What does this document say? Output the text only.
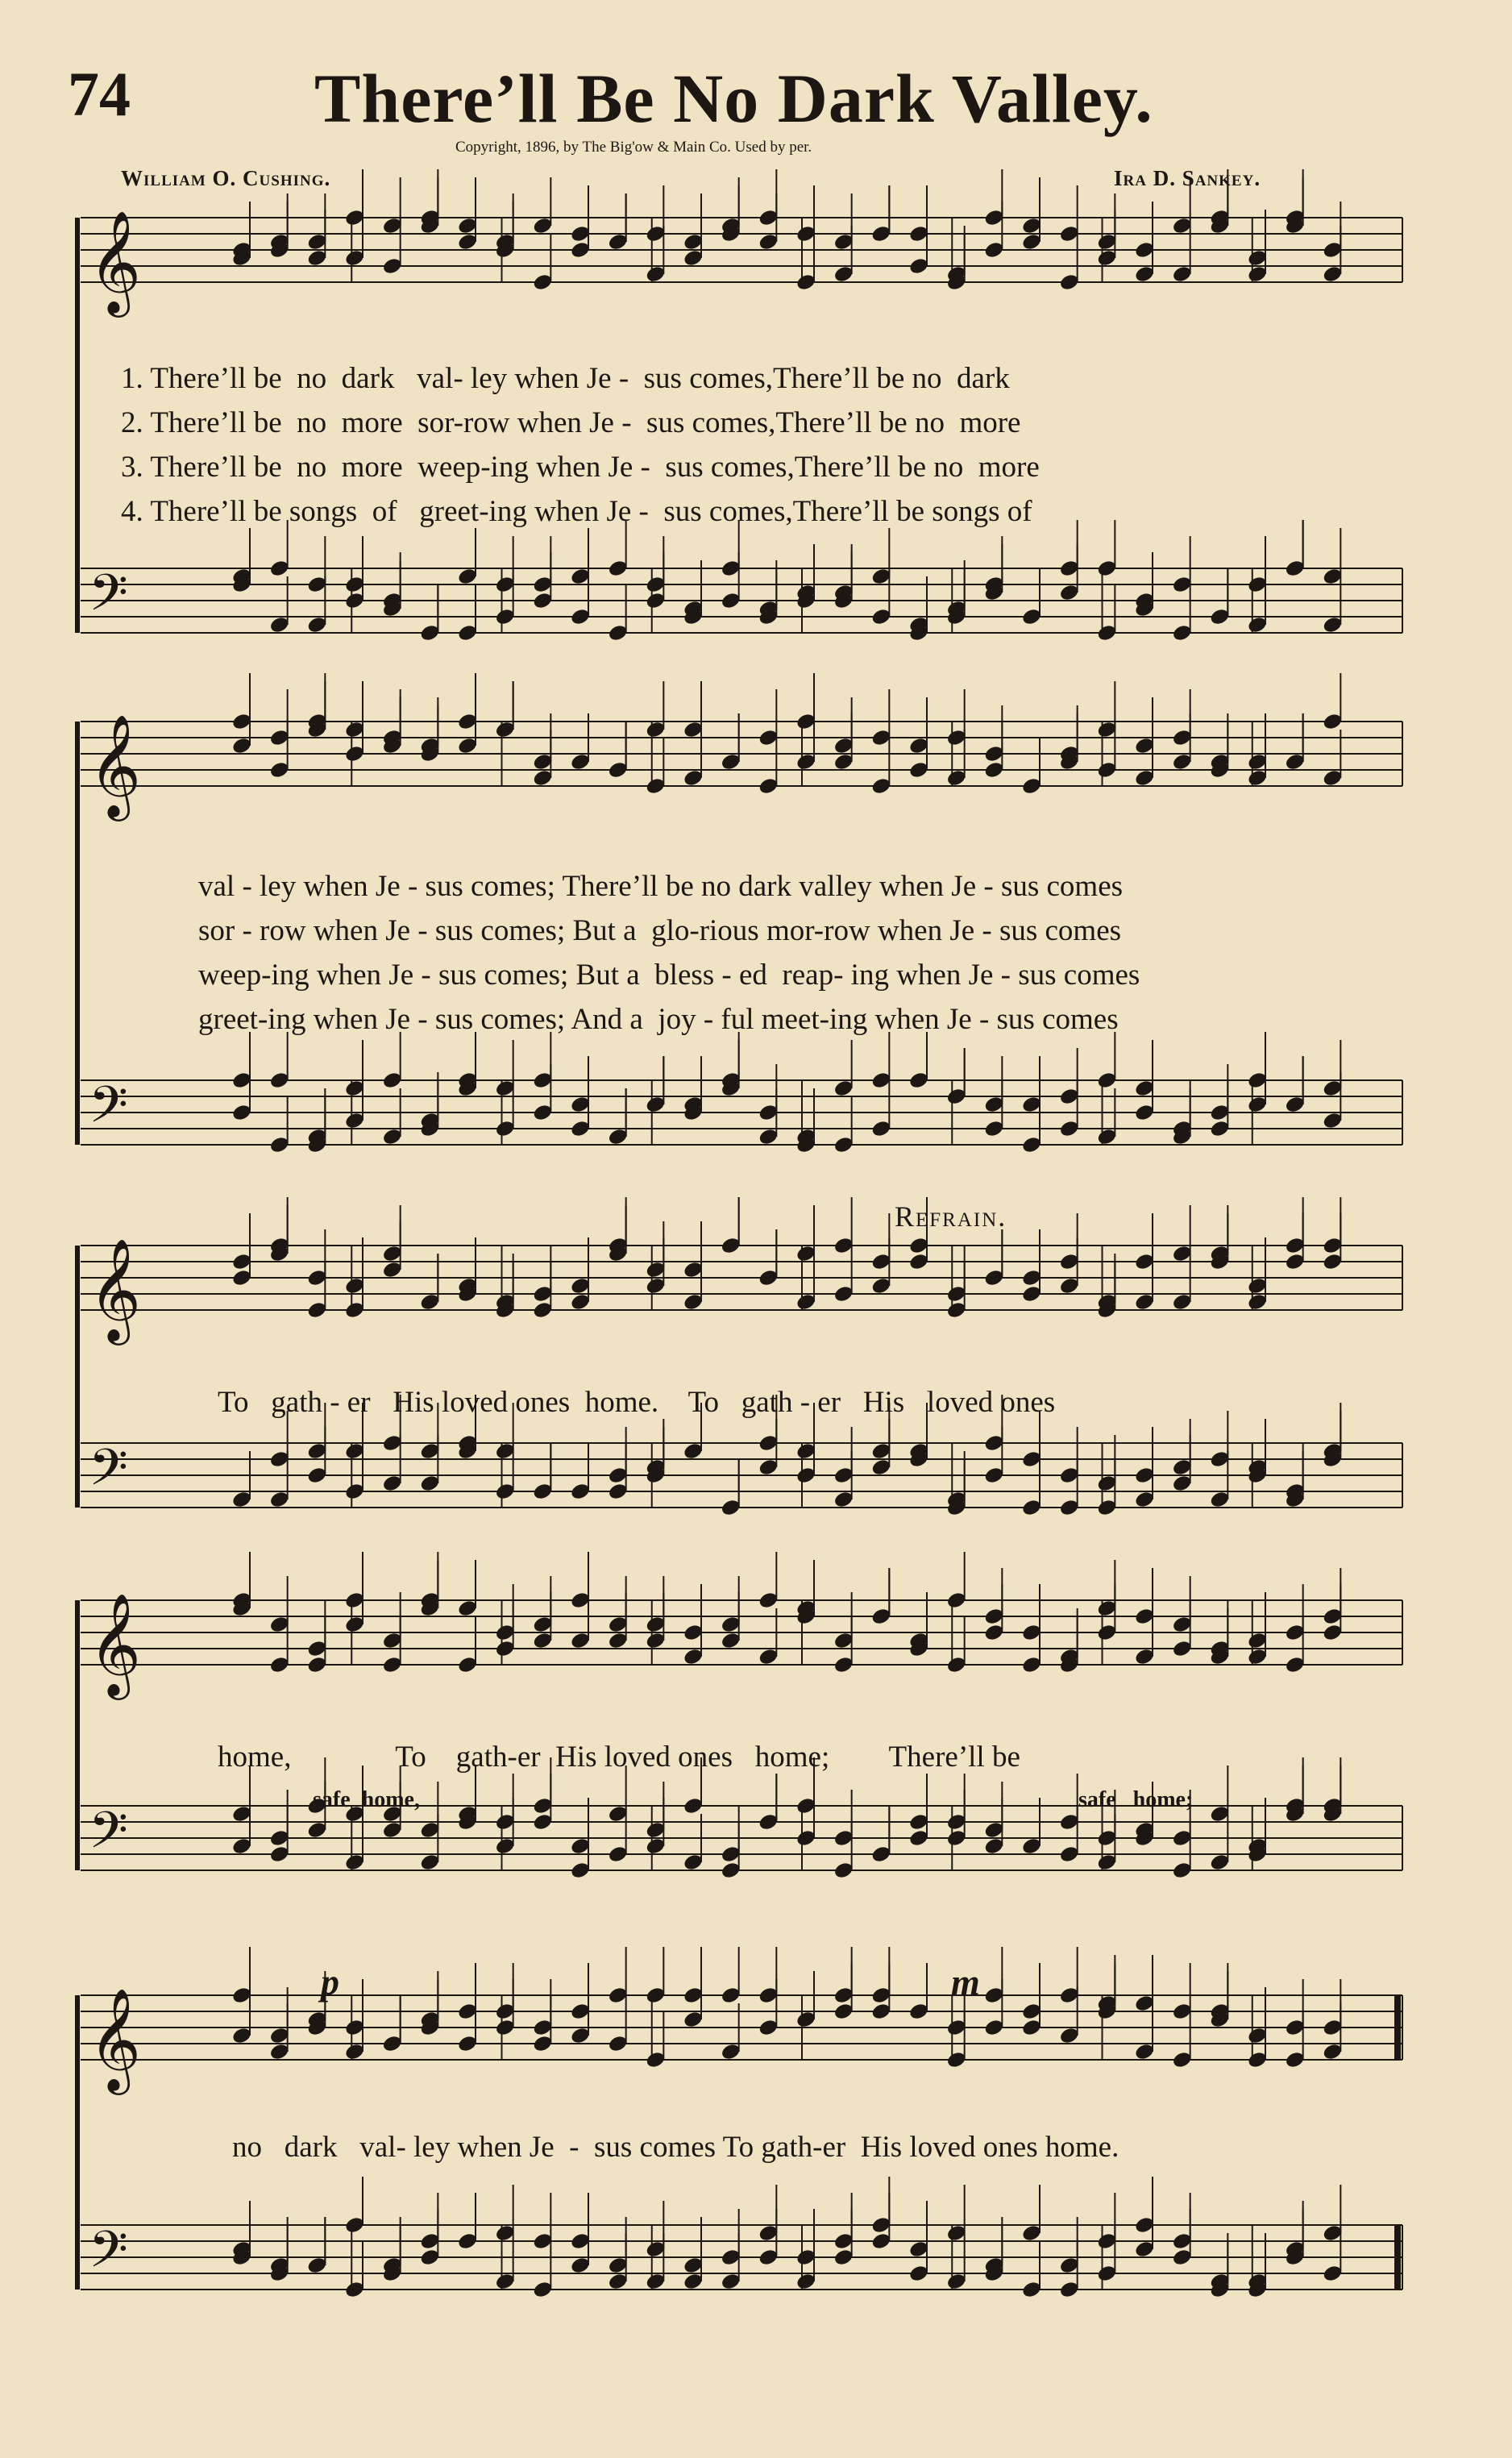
74	There’ll Be No Dark Valley.
Copyright, 1896, by The Big'ow & Main Co. Used by per.
William O. Cushing.	Ira D. Sankey.
𝄞
𝄢
𝄞
𝄢
𝄞
𝄢
𝄞
𝄢
𝄞
𝄢
1. There’ll be  no  dark   val- ley when Je -  sus comes,There’ll be no  dark
2. There’ll be  no  more  sor-row when Je -  sus comes,There’ll be no  more
3. There’ll be  no  more  weep-ing when Je -  sus comes,There’ll be no  more
4. There’ll be songs  of   greet-ing when Je -  sus comes,There’ll be songs of
val - ley when Je - sus comes; There’ll be no dark valley when Je - sus comes
sor - row when Je - sus comes; But a  glo-rious mor-row when Je - sus comes
weep-ing when Je - sus comes; But a  bless - ed  reap- ing when Je - sus comes
greet-ing when Je - sus comes; And a  joy - ful meet-ing when Je - sus comes
Refrain.
To   gath - er   His loved ones  home.    To   gath - er   His   loved ones
home,              To    gath-er  His loved ones   home;        There’ll be
safe  home,	safe   home;
no   dark   val- ley when Je  -  sus comes To gath-er  His loved ones home.
p	m
